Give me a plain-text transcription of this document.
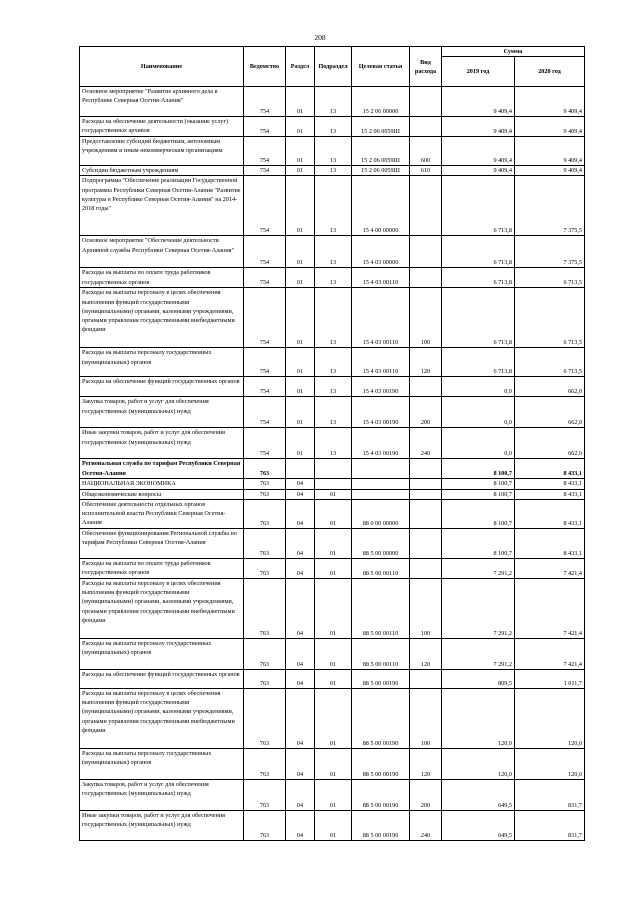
208
Наименование	Ведомство	Раздел	Подраздел	Целевая статья	Вид расхода	Сумма	
						2019 год	2020 год
Основное мероприятие "Развитие архивного дела в Республике Северная Осетия-Алания"	754	01	13	15 2 06 00000		9 409,4	9 409,4
Расходы на обеспечение деятельности (оказание услуг) государственных архивов	754	01	13	15 2 06 0059Ш		9 409,4	9 409,4
Предоставление субсидий бюджетным, автономным учреждениям и иным некоммерческим организациям	754	01	13	15 2 06 0059Ш	600	9 409,4	9 409,4
Субсидии бюджетным учреждениям	754	01	13	15 2 06 0059Ш	610	9 409,4	9 409,4
Подпрограмма "Обеспечение реализации Государственной программы Республики Северная Осетия-Алания "Развитие культуры в Республике Северная Осетия-Алания" на 2014-2018 годы"	754	01	13	15 4 00 00000		6 713,8	7 375,5
Основное мероприятие "Обеспечение деятельности Архивной службы Республики Северная Осетия-Алания"	754	01	13	15 4 03 00000		6 713,8	7 375,5
Расходы на выплаты по оплате труда работников государственных органов	754	01	13	15 4 03 00110		6 713,8	6 713,5
Расходы на выплаты персоналу в целях обеспечения выполнения функций государственными (муниципальными) органами, казенными учреждениями, органами управления государственными внебюджетными фондами	754	01	13	15 4 03 00110	100	6 713,8	6 713,5
Расходы на выплаты персоналу государственных (муниципальных) органов	754	01	13	15 4 03 00110	120	6 713,8	6 713,5
Расходы на обеспечение функций государственных органов	754	01	13	15 4 03 00190		0,0	662,0
Закупка товаров, работ и услуг для обеспечения государственных (муниципальных) нужд	754	01	13	15 4 03 00190	200	0,0	662,0
Иные закупки товаров, работ и услуг для обеспечения государственных (муниципальных) нужд	754	01	13	15 4 03 00190	240	0,0	662,0
Региональная служба по тарифам Республики Северная Осетия-Алания	763					8 100,7	8 433,1
НАЦИОНАЛЬНАЯ ЭКОНОМИКА	763	04				8 100,7	8 433,1
Общеэкономические вопросы	763	04	01			8 100,7	8 433,1
Обеспечение деятельности отдельных органов исполнительной власти Республики Северная Осетия-Алания	763	04	01	88 0 00 00000		8 100,7	8 433,1
Обеспечение функционирования Региональной службы по тарифам Республики Северная Осетия-Алания	763	04	01	88 5 00 00000		8 100,7	8 433,1
Расходы на выплаты по оплате труда работников государственных органов	763	04	01	88 5 00 00110		7 291,2	7 421,4
Расходы на выплаты персоналу в целях обеспечения выполнения функций государственными (муниципальными) органами, казенными учреждениями, органами управления государственными внебюджетными фондами	763	04	01	88 5 00 00110	100	7 291,2	7 421,4
Расходы на выплаты персоналу государственных (муниципальных) органов	763	04	01	88 5 00 00110	120	7 291,2	7 421,4
Расходы на обеспечение функций государственных органов	763	04	01	88 5 00 00190		809,5	1 011,7
Расходы на выплаты персоналу в целях обеспечения выполнения функций государственными (муниципальными) органами, казенными учреждениями, органами управления государственными внебюджетными фондами	763	04	01	88 5 00 00190	100	120,0	120,0
Расходы на выплаты персоналу государственных (муниципальных) органов	763	04	01	88 5 00 00190	120	120,0	120,0
Закупка товаров, работ и услуг для обеспечения государственных (муниципальных) нужд	763	04	01	88 5 00 00190	200	649,5	831,7
Иные закупки товаров, работ и услуг для обеспечения государственных (муниципальных) нужд	763	04	01	88 5 00 00190	240	649,5	831,7
